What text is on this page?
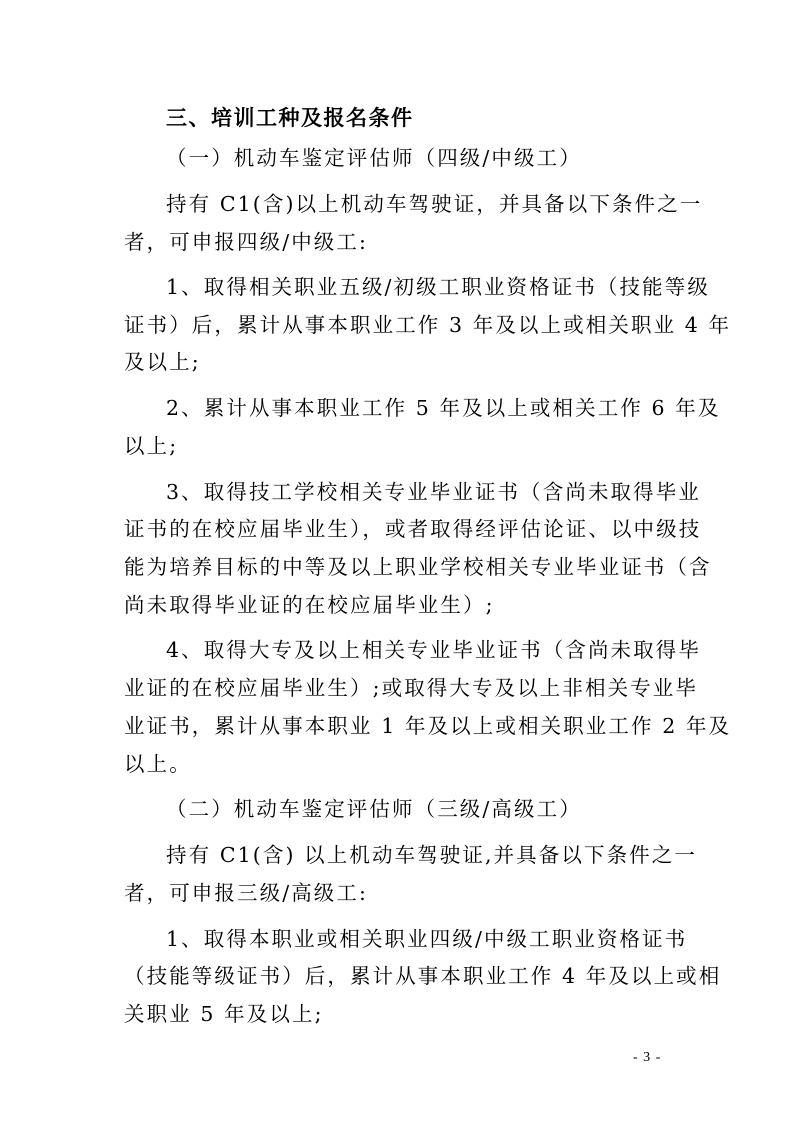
三、培训工种及报名条件
（一）机动车鉴定评估师（四级/中级工）
持有 C1(含)以上机动车驾驶证，并具备以下条件之一
者，可申报四级/中级工:
1、取得相关职业五级/初级工职业资格证书（技能等级
证书）后，累计从事本职业工作 3 年及以上或相关职业 4 年
及以上;
2、累计从事本职业工作 5 年及以上或相关工作 6 年及
以上;
3、取得技工学校相关专业毕业证书（含尚未取得毕业
证书的在校应届毕业生），或者取得经评估论证、以中级技
能为培养目标的中等及以上职业学校相关专业毕业证书（含
尚未取得毕业证的在校应届毕业生）;
4、取得大专及以上相关专业毕业证书（含尚未取得毕
业证的在校应届毕业生）;或取得大专及以上非相关专业毕
业证书，累计从事本职业 1 年及以上或相关职业工作 2 年及
以上。
（二）机动车鉴定评估师（三级/高级工）
持有 C1(含) 以上机动车驾驶证,并具备以下条件之一
者，可申报三级/高级工:
1、取得本职业或相关职业四级/中级工职业资格证书
（技能等级证书）后，累计从事本职业工作 4 年及以上或相
关职业 5 年及以上;
- 3 -
